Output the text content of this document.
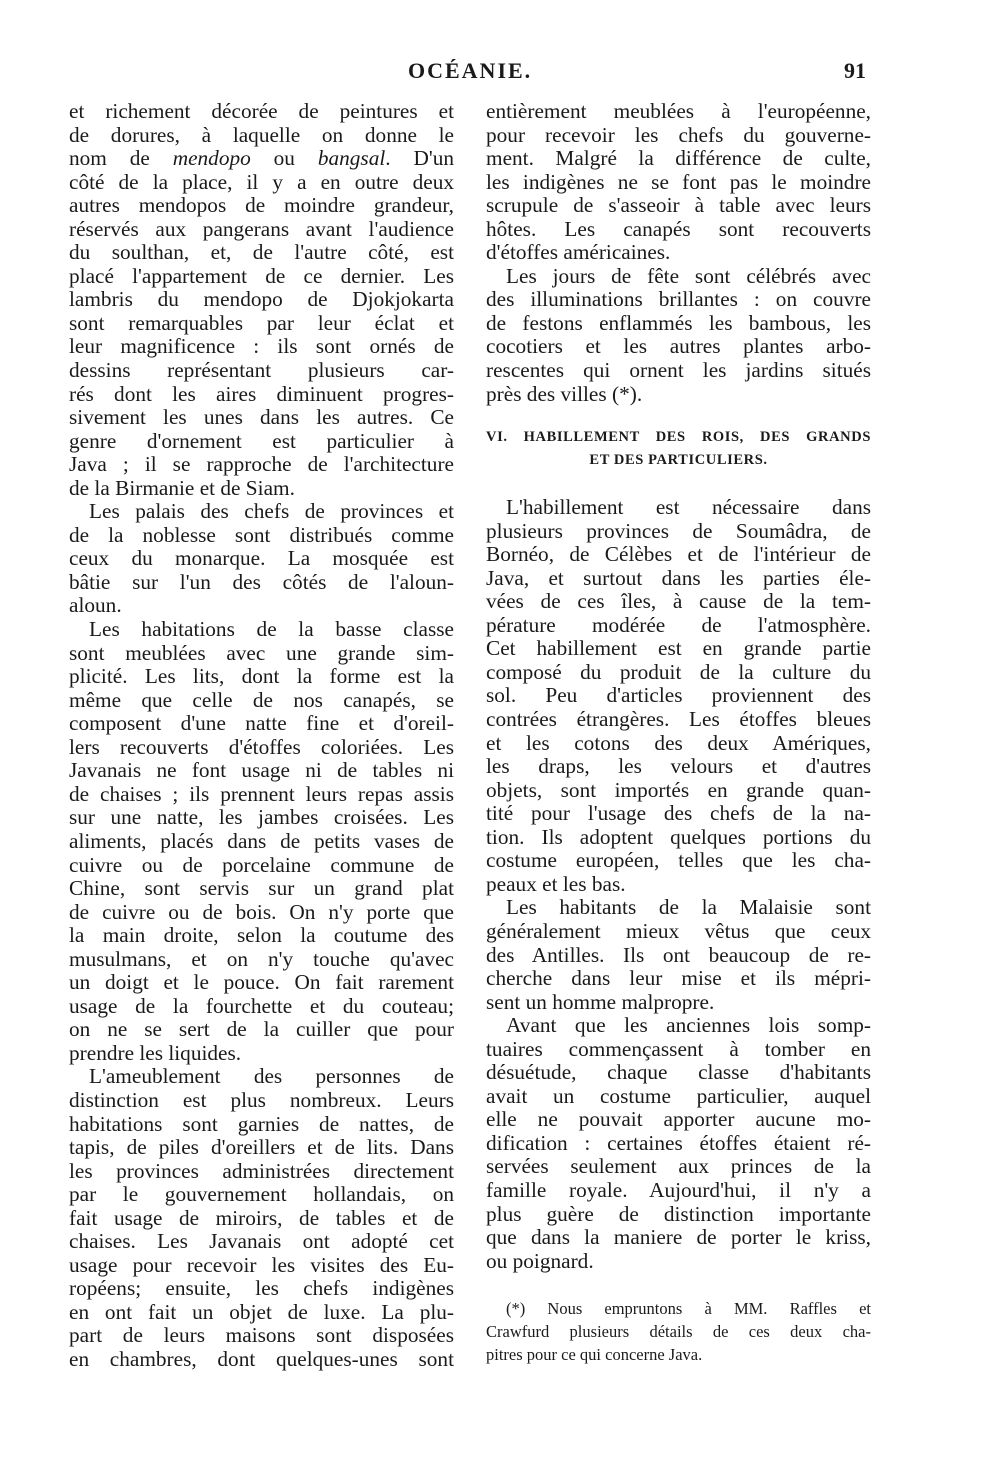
OCÉANIE.	91
et richement décorée de peintures et
de dorures, à laquelle on donne le
nom de mendopo ou bangsal. D'un
côté de la place, il y a en outre deux
autres mendopos de moindre grandeur,
réservés aux pangerans avant l'audience
du soulthan, et, de l'autre côté, est
placé l'appartement de ce dernier. Les
lambris du mendopo de Djokjokarta
sont remarquables par leur éclat et
leur magnificence : ils sont ornés de
dessins représentant plusieurs car-
rés dont les aires diminuent progres-
sivement les unes dans les autres. Ce
genre d'ornement est particulier à
Java ; il se rapproche de l'architecture
de la Birmanie et de Siam.
Les palais des chefs de provinces et
de la noblesse sont distribués comme
ceux du monarque. La mosquée est
bâtie sur l'un des côtés de l'aloun-
aloun.
Les habitations de la basse classe
sont meublées avec une grande sim-
plicité. Les lits, dont la forme est la
même que celle de nos canapés, se
composent d'une natte fine et d'oreil-
lers recouverts d'étoffes coloriées. Les
Javanais ne font usage ni de tables ni
de chaises ; ils prennent leurs repas assis
sur une natte, les jambes croisées. Les
aliments, placés dans de petits vases de
cuivre ou de porcelaine commune de
Chine, sont servis sur un grand plat
de cuivre ou de bois. On n'y porte que
la main droite, selon la coutume des
musulmans, et on n'y touche qu'avec
un doigt et le pouce. On fait rarement
usage de la fourchette et du couteau;
on ne se sert de la cuiller que pour
prendre les liquides.
L'ameublement des personnes de
distinction est plus nombreux. Leurs
habitations sont garnies de nattes, de
tapis, de piles d'oreillers et de lits. Dans
les provinces administrées directement
par le gouvernement hollandais, on
fait usage de miroirs, de tables et de
chaises. Les Javanais ont adopté cet
usage pour recevoir les visites des Eu-
ropéens; ensuite, les chefs indigènes
en ont fait un objet de luxe. La plu-
part de leurs maisons sont disposées
en chambres, dont quelques-unes sont
entièrement meublées à l'européenne,
pour recevoir les chefs du gouverne-
ment. Malgré la différence de culte,
les indigènes ne se font pas le moindre
scrupule de s'asseoir à table avec leurs
hôtes. Les canapés sont recouverts
d'étoffes américaines.
Les jours de fête sont célébrés avec
des illuminations brillantes : on couvre
de festons enflammés les bambous, les
cocotiers et les autres plantes arbo-
rescentes qui ornent les jardins situés
près des villes (*).
VI. HABILLEMENT DES ROIS, DES GRANDS
ET DES PARTICULIERS.
L'habillement est nécessaire dans
plusieurs provinces de Soumâdra, de
Bornéo, de Célèbes et de l'intérieur de
Java, et surtout dans les parties éle-
vées de ces îles, à cause de la tem-
pérature modérée de l'atmosphère.
Cet habillement est en grande partie
composé du produit de la culture du
sol. Peu d'articles proviennent des
contrées étrangères. Les étoffes bleues
et les cotons des deux Amériques,
les draps, les velours et d'autres
objets, sont importés en grande quan-
tité pour l'usage des chefs de la na-
tion. Ils adoptent quelques portions du
costume européen, telles que les cha-
peaux et les bas.
Les habitants de la Malaisie sont
généralement mieux vêtus que ceux
des Antilles. Ils ont beaucoup de re-
cherche dans leur mise et ils mépri-
sent un homme malpropre.
Avant que les anciennes lois somp-
tuaires commençassent à tomber en
désuétude, chaque classe d'habitants
avait un costume particulier, auquel
elle ne pouvait apporter aucune mo-
dification : certaines étoffes étaient ré-
servées seulement aux princes de la
famille royale. Aujourd'hui, il n'y a
plus guère de distinction importante
que dans la maniere de porter le kriss,
ou poignard.
(*) Nous empruntons à MM. Raffles et
Crawfurd plusieurs détails de ces deux cha-
pitres pour ce qui concerne Java.
